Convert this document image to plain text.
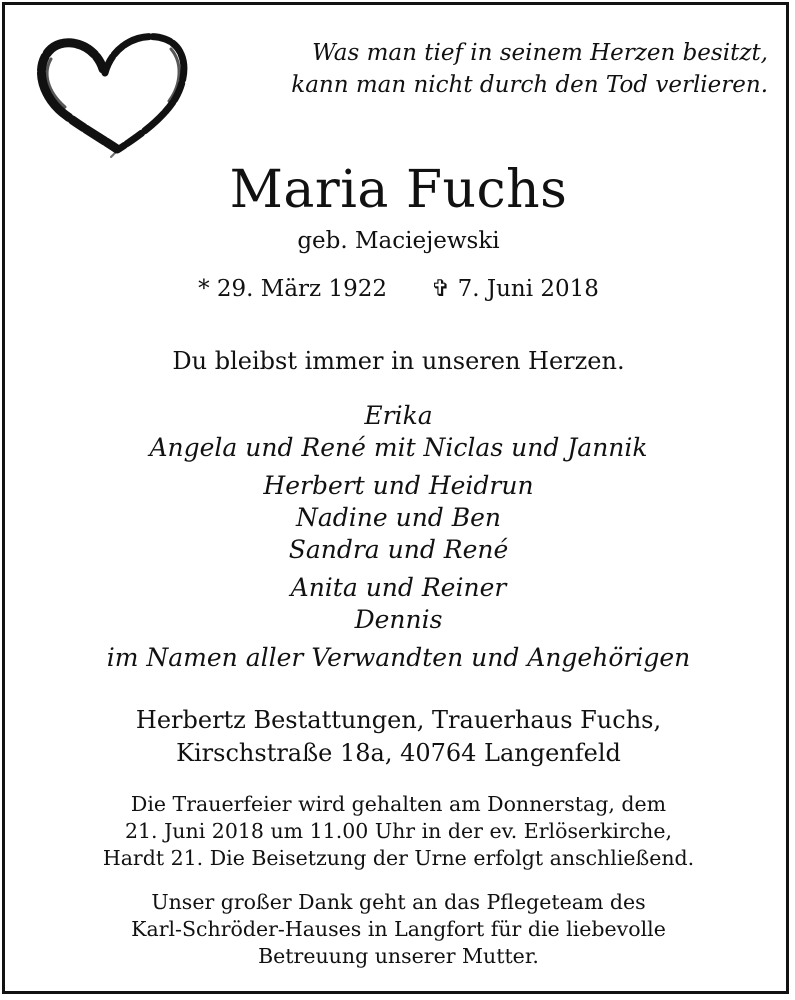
Was man tief in seinem Herzen besitzt,
kann man nicht durch den Tod verlieren.
Maria Fuchs
geb. Maciejewski
* 29. März 1922 ✞ 7. Juni 2018
Du bleibst immer in unseren Herzen.
Erika
Angela und René mit Niclas und Jannik
Herbert und Heidrun
Nadine und Ben
Sandra und René
Anita und Reiner
Dennis
im Namen aller Verwandten und Angehörigen
Herbertz Bestattungen, Trauerhaus Fuchs,
Kirschstraße 18a, 40764 Langenfeld
Die Trauerfeier wird gehalten am Donnerstag, dem
21. Juni 2018 um 11.00 Uhr in der ev. Erlöserkirche,
Hardt 21. Die Beisetzung der Urne erfolgt anschließend.
Unser großer Dank geht an das Pflegeteam des
Karl-Schröder-Hauses in Langfort für die liebevolle
Betreuung unserer Mutter.
